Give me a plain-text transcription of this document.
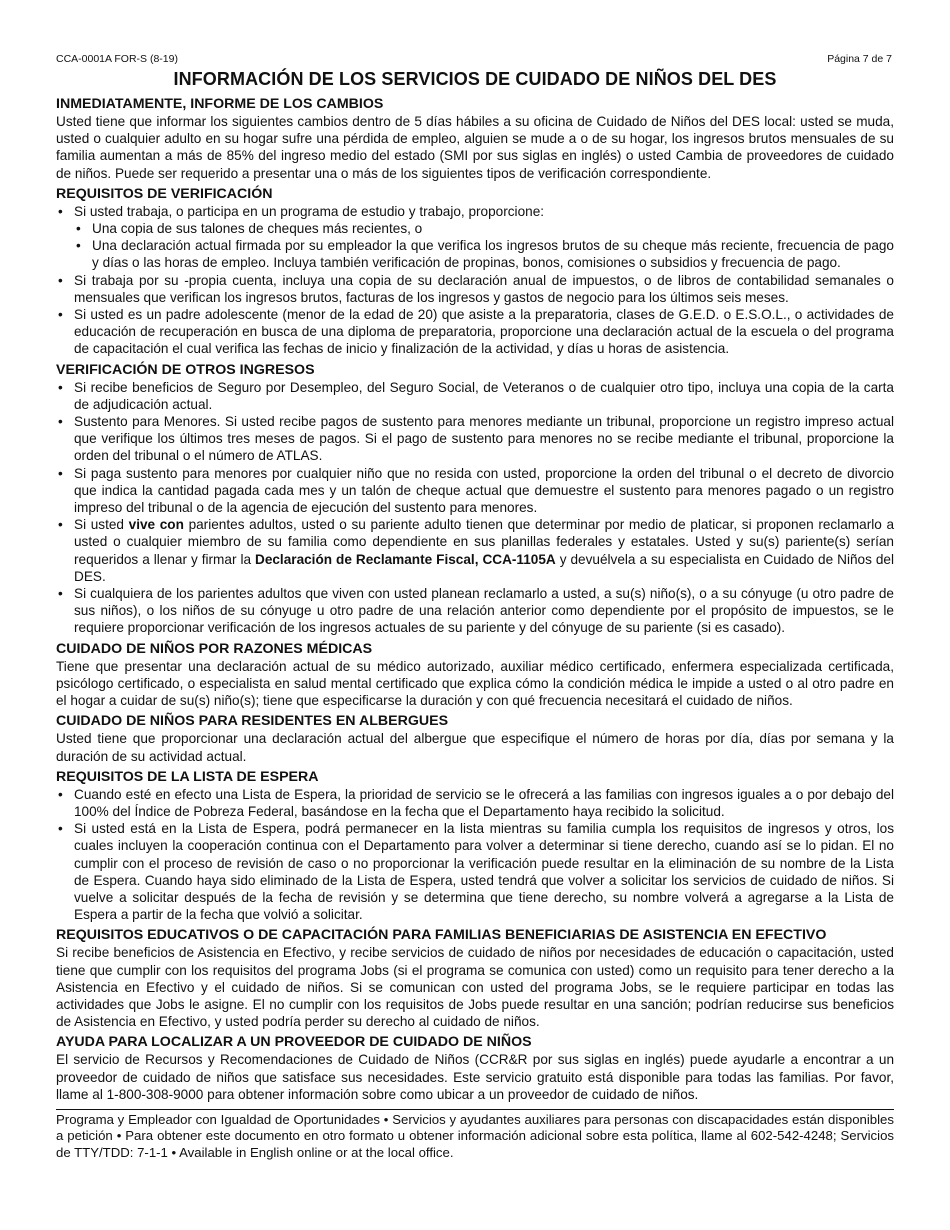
CCA-0001A FOR-S (8-19)	Página 7 de 7
INFORMACIÓN DE LOS SERVICIOS DE CUIDADO DE NIÑOS DEL DES
INMEDIATAMENTE, INFORME DE LOS CAMBIOS

Usted tiene que informar los siguientes cambios dentro de 5 días hábiles a su oficina de Cuidado de Niños del DES local: usted se muda, usted o cualquier adulto en su hogar sufre una pérdida de empleo, alguien se mude a o de su hogar, los ingresos brutos mensuales de su familia aumentan a más de 85% del ingreso medio del estado (SMI por sus siglas en inglés) o usted Cambia de proveedores de cuidado de niños. Puede ser requerido a presentar una o más de los siguientes tipos de verificación correspondiente.

REQUISITOS DE VERIFICACIÓN
• Si usted trabaja, o participa en un programa de estudio y trabajo, proporcione:
• Una copia de sus talones de cheques más recientes, o
• Una declaración actual firmada por su empleador la que verifica los ingresos brutos de su cheque más reciente, frecuencia de pago y días o las horas de empleo. Incluya también verificación de propinas, bonos, comisiones o subsidios y frecuencia de pago.
• Si trabaja por su -propia cuenta, incluya una copia de su declaración anual de impuestos, o de libros de contabilidad semanales o mensuales que verifican los ingresos brutos, facturas de los ingresos y gastos de negocio para los últimos seis meses.
• Si usted es un padre adolescente (menor de la edad de 20) que asiste a la preparatoria, clases de G.E.D. o E.S.O.L., o actividades de educación de recuperación en busca de una diploma de preparatoria, proporcione una declaración actual de la escuela o del programa de capacitación el cual verifica las fechas de inicio y finalización de la actividad, y días u horas de asistencia.
VERIFICACIÓN DE OTROS INGRESOS
• Si recibe beneficios de Seguro por Desempleo, del Seguro Social, de Veteranos o de cualquier otro tipo, incluya una copia de la carta de adjudicación actual.
• Sustento para Menores. Si usted recibe pagos de sustento para menores mediante un tribunal, proporcione un registro impreso actual que verifique los últimos tres meses de pagos. Si el pago de sustento para menores no se recibe mediante el tribunal, proporcione la orden del tribunal o el número de ATLAS.
• Si paga sustento para menores por cualquier niño que no resida con usted, proporcione la orden del tribunal o el decreto de divorcio que indica la cantidad pagada cada mes y un talón de cheque actual que demuestre el sustento para menores pagado o un registro impreso del tribunal o de la agencia de ejecución del sustento para menores.
• Si usted vive con parientes adultos, usted o su pariente adulto tienen que determinar por medio de platicar, si proponen reclamarlo a usted o cualquier miembro de su familia como dependiente en sus planillas federales y estatales. Usted y su(s) pariente(s) serían requeridos a llenar y firmar la Declaración de Reclamante Fiscal, CCA-1105A y devuélvela a su especialista en Cuidado de Niños del DES.
• Si cualquiera de los parientes adultos que viven con usted planean reclamarlo a usted, a su(s) niño(s), o a su cónyuge (u otro padre de sus niños), o los niños de su cónyuge u otro padre de una relación anterior como dependiente por el propósito de impuestos, se le requiere proporcionar verificación de los ingresos actuales de su pariente y del cónyuge de su pariente (si es casado).
CUIDADO DE NIÑOS POR RAZONES MÉDICAS

Tiene que presentar una declaración actual de su médico autorizado, auxiliar médico certificado, enfermera especializada certificada, psicólogo certificado, o especialista en salud mental certificado que explica cómo la condición médica le impide a usted o al otro padre en el hogar a cuidar de su(s) niño(s); tiene que especificarse la duración y con qué frecuencia necesitará el cuidado de niños.

CUIDADO DE NIÑOS PARA RESIDENTES EN ALBERGUES

Usted tiene que proporcionar una declaración actual del albergue que especifique el número de horas por día, días por semana y la duración de su actividad actual.

REQUISITOS DE LA LISTA DE ESPERA
• Cuando esté en efecto una Lista de Espera, la prioridad de servicio se le ofrecerá a las familias con ingresos iguales a o por debajo del 100% del Índice de Pobreza Federal, basándose en la fecha que el Departamento haya recibido la solicitud.
• Si usted está en la Lista de Espera, podrá permanecer en la lista mientras su familia cumpla los requisitos de ingresos y otros, los cuales incluyen la cooperación continua con el Departamento para volver a determinar si tiene derecho, cuando así se lo pidan. El no cumplir con el proceso de revisión de caso o no proporcionar la verificación puede resultar en la eliminación de su nombre de la Lista de Espera. Cuando haya sido eliminado de la Lista de Espera, usted tendrá que volver a solicitar los servicios de cuidado de niños. Si vuelve a solicitar después de la fecha de revisión y se determina que tiene derecho, su nombre volverá a agregarse a la Lista de Espera a partir de la fecha que volvió a solicitar.
REQUISITOS EDUCATIVOS O DE CAPACITACIÓN PARA FAMILIAS BENEFICIARIAS DE ASISTENCIA EN EFECTIVO

Si recibe beneficios de Asistencia en Efectivo, y recibe servicios de cuidado de niños por necesidades de educación o capacitación, usted tiene que cumplir con los requisitos del programa Jobs (si el programa se comunica con usted) como un requisito para tener derecho a la Asistencia en Efectivo y el cuidado de niños. Si se comunican con usted del programa Jobs, se le requiere participar en todas las actividades que Jobs le asigne. El no cumplir con los requisitos de Jobs puede resultar en una sanción; podrían reducirse sus beneficios de Asistencia en Efectivo, y usted podría perder su derecho al cuidado de niños.

AYUDA PARA LOCALIZAR A UN PROVEEDOR DE CUIDADO DE NIÑOS

El servicio de Recursos y Recomendaciones de Cuidado de Niños (CCR&R por sus siglas en inglés) puede ayudarle a encontrar a un proveedor de cuidado de niños que satisface sus necesidades. Este servicio gratuito está disponible para todas las familias. Por favor, llame al 1-800-308-9000 para obtener información sobre como ubicar a un proveedor de cuidado de niños.

Programa y Empleador con Igualdad de Oportunidades • Servicios y ayudantes auxiliares para personas con discapacidades están disponibles a petición • Para obtener este documento en otro formato u obtener información adicional sobre esta política, llame al 602-542-4248; Servicios de TTY/TDD: 7-1-1 • Available in English online or at the local office.
